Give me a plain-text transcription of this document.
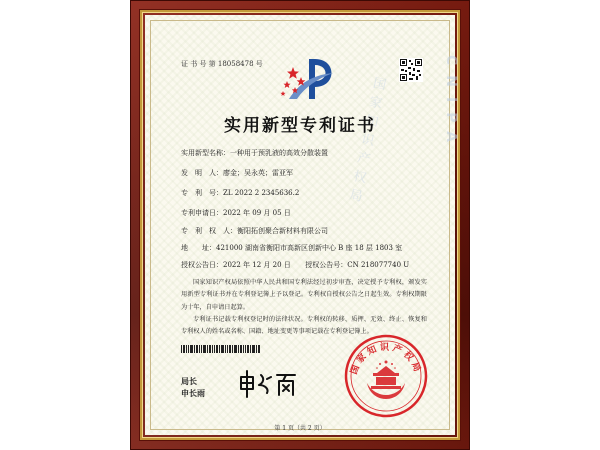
CNIPA
国家知识产权局
证 书 号 第 18058478 号
实用新型专利证书
实用新型名称：一种用于预乳液的高效分散装置
发　明　人：廖金；吴永英；雷亚军
专　利　号：ZL 2022 2 2345636.2
专利申请日：2022 年 09 月 05 日
专　利　权　人：衡阳拓创聚合新材料有限公司
地　　址：421000 湖南省衡阳市高新区创新中心 B 座 18 层 1803 室
授权公告日：2022 年 12 月 20 日 授权公告号：CN 218077740 U

国家知识产权局依照中华人民共和国专利法经过初步审查，决定授予专利权，颁发实用新型专利证书并在专利登记簿上予以登记。专利权自授权公告之日起生效。专利权期限为十年，自申请日起算。

专利证书记载专利权登记时的法律状况。专利权的转移、质押、无效、终止、恢复和专利权人的姓名或名称、国籍、地址变更等事项记载在专利登记簿上。

局长
申长雨
国家知识产权局
第 1 页（共 2 页）
